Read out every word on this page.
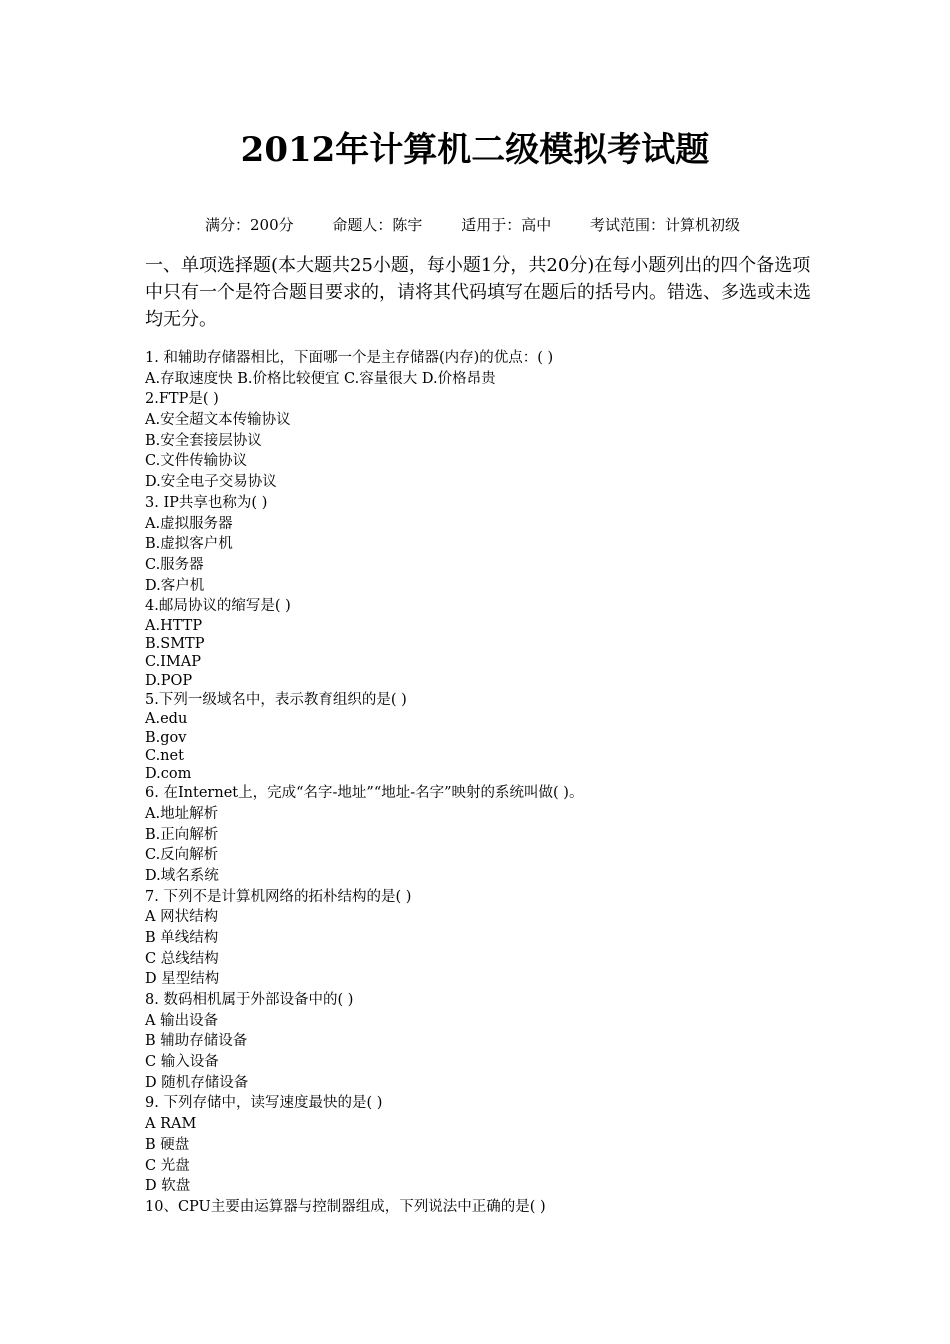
2012年计算机二级模拟考试题
满分：200分	命题人：陈宇	适用于：高中	考试范围：计算机初级
一、单项选择题(本大题共25小题，每小题1分，共20分)在每小题列出的四个备选项中只有一个是符合题目要求的，请将其代码填写在题后的括号内。错选、多选或未选均无分。
1. 和辅助存储器相比，下面哪一个是主存储器(内存)的优点：( )
A.存取速度快 B.价格比较便宜 C.容量很大 D.价格昂贵
2.FTP是( )
A.安全超文本传输协议
B.安全套接层协议
C.文件传输协议
D.安全电子交易协议
3. IP共享也称为( )
A.虚拟服务器
B.虚拟客户机
C.服务器
D.客户机
4.邮局协议的缩写是( )
A.HTTP
B.SMTP
C.IMAP
D.POP
5.下列一级域名中，表示教育组织的是( )
A.edu
B.gov
C.net
D.com
6. 在Internet上，完成“名字-地址”“地址-名字”映射的系统叫做( )。
A.地址解析
B.正向解析
C.反向解析
D.域名系统
7. 下列不是计算机网络的拓朴结构的是( )
A 网状结构
B 单线结构
C 总线结构
D 星型结构
8. 数码相机属于外部设备中的( )
A 输出设备
B 辅助存储设备
C 输入设备
D 随机存储设备
9. 下列存储中，读写速度最快的是( )
A RAM
B 硬盘
C 光盘
D 软盘
10、CPU主要由运算器与控制器组成，下列说法中正确的是( )
